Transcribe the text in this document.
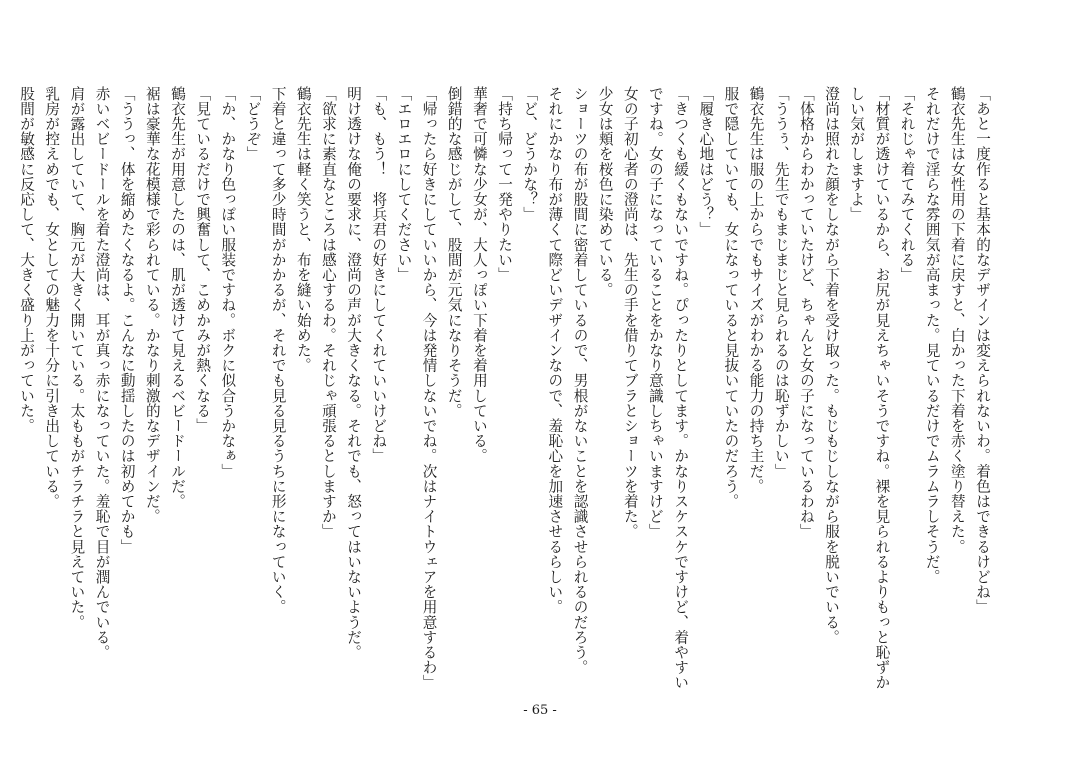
「あと一度作ると基本的なデザインは変えられないわ。着色はできるけどね」

鶴衣先生は女性用の下着に戻すと、白かった下着を赤く塗り替えた。

それだけで淫らな雰囲気が高まった。見ているだけでムラムラしそうだ。

「それじゃ着てみてくれる」

「材質が透けているから、お尻が見えちゃいそうですね。裸を見られるよりもっと恥ずか

しい気がしますよ」

澄尚は照れた顔をしながら下着を受け取った。もじもじしながら服を脱いでいる。

「体格からわかっていたけど、ちゃんと女の子になっているわね」

「ううぅ、先生でもまじまじと見られるのは恥ずかしい」

鶴衣先生は服の上からでもサイズがわかる能力の持ち主だ。

服で隠していても、女になっていると見抜いていたのだろう。

「履き心地はどう？」

「きつくも緩くもないですね。ぴったりとしてます。かなりスケスケですけど、着やすい

ですね。女の子になっていることをかなり意識しちゃいますけど」

女の子初心者の澄尚は、先生の手を借りてブラとショーツを着た。

少女は頬を桜色に染めている。

ショーツの布が股間に密着しているので、男根がないことを認識させられるのだろう。

それにかなり布が薄くて際どいデザインなので、羞恥心を加速させるらしい。

「ど、どうかな？」

「持ち帰って一発やりたい」

華奢で可憐な少女が、大人っぽい下着を着用している。

倒錯的な感じがして、股間が元気になりそうだ。

「帰ったら好きにしていいから、今は発情しないでね。次はナイトウェアを用意するわ」

「エロエロにしてください」

「も、もう！　将兵君の好きにしてくれていいけどね」

明け透けな俺の要求に、澄尚の声が大きくなる。それでも、怒ってはいないようだ。

「欲求に素直なところは感心するわ。それじゃ頑張るとしますか」

鶴衣先生は軽く笑うと、布を縫い始めた。

下着と違って多少時間がかかるが、それでも見る見るうちに形になっていく。

「どうぞ」

「か、かなり色っぽい服装ですね。ボクに似合うかなぁ」

「見ているだけで興奮して、こめかみが熱くなる」

鶴衣先生が用意したのは、肌が透けて見えるベビードールだ。

裾は豪華な花模様で彩られている。かなり刺激的なデザインだ。

「ううっ、体を縮めたくなるよ。こんなに動揺したのは初めてかも」

赤いベビードールを着た澄尚は、耳が真っ赤になっていた。羞恥で目が潤んでいる。

肩が露出していて、胸元が大きく開いている。太ももがチラチラと見えていた。

乳房が控えめでも、女としての魅力を十分に引き出している。

股間が敏感に反応して、大きく盛り上がっていた。

- 65 -
